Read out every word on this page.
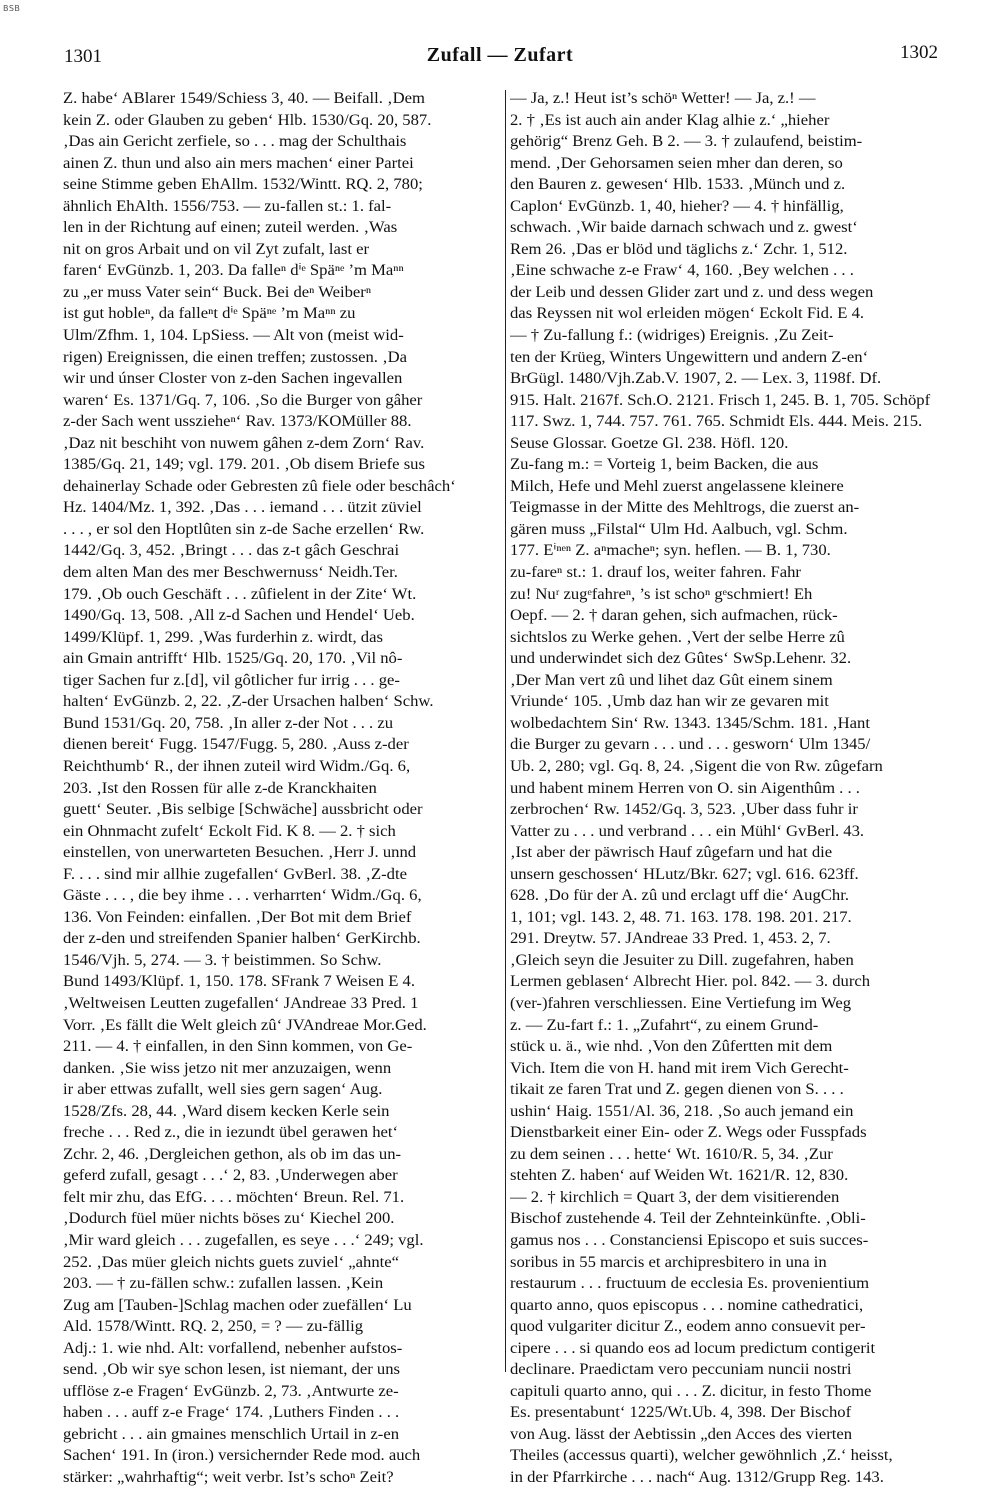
BSB
1301	Zufall — Zufart	1302
Z. habe‘ ABlarer 1549/Schiess 3, 40. — Beifall. ‚Dem
kein Z. oder Glauben zu geben‘ Hlb. 1530/Gq. 20, 587.
‚Das ain Gericht zerfiele, so . . . mag der Schulthais
ainen Z. thun und also ain mers machen‘ einer Partei
seine Stimme geben EhAllm. 1532/Wintt. RQ. 2, 780;
ähnlich EhAlth. 1556/753. — zu-fallen st.: 1. fal-
len in der Richtung auf einen; zuteil werden. ‚Was
nit on gros Arbait und on vil Zyt zufalt, last er
faren‘ EvGünzb. 1, 203. Da falleⁿ dⁱᵉ Späⁿᵉ ’m Maⁿⁿ
zu „er muss Vater sein“ Buck. Bei deⁿ Weiberⁿ
ist gut hobleⁿ, da falleⁿt dⁱᵉ Späⁿᵉ ’m Maⁿⁿ zu
Ulm/Zfhm. 1, 104. LpSiess. — Alt von (meist wid-
rigen) Ereignissen, die einen treffen; zustossen. ‚Da
wir und únser Closter von z-den Sachen ingevallen
waren‘ Es. 1371/Gq. 7, 106. ‚So die Burger von gâher
z-der Sach went usszieheⁿ‘ Rav. 1373/KOMüller 88.
‚Daz nit beschiht von nuwem gâhen z-dem Zorn‘ Rav.
1385/Gq. 21, 149; vgl. 179. 201. ‚Ob disem Briefe sus
dehainerlay Schade oder Gebresten zû fiele oder beschâch‘
Hz. 1404/Mz. 1, 392. ‚Das . . . iemand . . . ützit züviel
. . . , er sol den Hoptlûten sin z-de Sache erzellen‘ Rw.
1442/Gq. 3, 452. ‚Bringt . . . das z-t gâch Geschrai
dem alten Man des mer Beschwernuss‘ Neidh.Ter.
179. ‚Ob ouch Geschäft . . . zûfielent in der Zite‘ Wt.
1490/Gq. 13, 508. ‚All z-d Sachen und Hendel‘ Ueb.
1499/Klüpf. 1, 299. ‚Was furderhin z. wirdt, das
ain Gmain antrifft‘ Hlb. 1525/Gq. 20, 170. ‚Vil nô-
tiger Sachen fur z.[d], vil gôtlicher fur irrig . . . ge-
halten‘ EvGünzb. 2, 22. ‚Z-der Ursachen halben‘ Schw.
Bund 1531/Gq. 20, 758. ‚In aller z-der Not . . . zu
dienen bereit‘ Fugg. 1547/Fugg. 5, 280. ‚Auss z-der
Reichthumb‘ R., der ihnen zuteil wird Widm./Gq. 6,
203. ‚Ist den Rossen für alle z-de Kranckhaiten
guett‘ Seuter. ‚Bis selbige [Schwäche] aussbricht oder
ein Ohnmacht zufelt‘ Eckolt Fid. K 8. — 2. † sich
einstellen, von unerwarteten Besuchen. ‚Herr J. unnd
F. . . . sind mir allhie zugefallen‘ GvBerl. 38. ‚Z-dte
Gäste . . . , die bey ihme . . . verharrten‘ Widm./Gq. 6,
136. Von Feinden: einfallen. ‚Der Bot mit dem Brief
der z-den und streifenden Spanier halben‘ GerKirchb.
1546/Vjh. 5, 274. — 3. † beistimmen. So Schw.
Bund 1493/Klüpf. 1, 150. 178. SFrank 7 Weisen E 4.
‚Weltweisen Leutten zugefallen‘ JAndreae 33 Pred. 1
Vorr. ‚Es fällt die Welt gleich zû‘ JVAndreae Mor.Ged.
211. — 4. † einfallen, in den Sinn kommen, von Ge-
danken. ‚Sie wiss jetzo nit mer anzuzaigen, wenn
ir aber ettwas zufallt, well sies gern sagen‘ Aug.
1528/Zfs. 28, 44. ‚Ward disem kecken Kerle sein
freche . . . Red z., die in iezundt übel gerawen het‘
Zchr. 2, 46. ‚Dergleichen gethon, als ob im das un-
geferd zufall, gesagt . . .‘ 2, 83. ‚Underwegen aber
felt mir zhu, das EfG. . . . möchten‘ Breun. Rel. 71.
‚Dodurch füel müer nichts böses zu‘ Kiechel 200.
‚Mir ward gleich . . . zugefallen, es seye . . .‘ 249; vgl.
252. ‚Das müer gleich nichts guets zuviel‘ „ahnte“
203. — † zu-fällen schw.: zufallen lassen. ‚Kein
Zug am [Tauben-]Schlag machen oder zuefällen‘ Lu
Ald. 1578/Wintt. RQ. 2, 250, = ? — zu-fällig
Adj.: 1. wie nhd. Alt: vorfallend, nebenher aufstos-
send. ‚Ob wir sye schon lesen, ist niemant, der uns
ufflöse z-e Fragen‘ EvGünzb. 2, 73. ‚Antwurte ze-
haben . . . auff z-e Frage‘ 174. ‚Luthers Finden . . .
gebricht . . . ain gmaines menschlich Urtail in z-en
Sachen‘ 191. In (iron.) versichernder Rede mod. auch
stärker: „wahrhaftig“; weit verbr. Ist’s schoⁿ Zeit?
— Ja, z.! Heut ist’s schöⁿ Wetter! — Ja, z.! —
2. † ‚Es ist auch ain ander Klag alhie z.‘ „hieher
gehörig“ Brenz Geh. B 2. — 3. † zulaufend, beistim-
mend. ‚Der Gehorsamen seien mher dan deren, so
den Bauren z. gewesen‘ Hlb. 1533. ‚Münch und z.
Caplon‘ EvGünzb. 1, 40, hieher? — 4. † hinfällig,
schwach. ‚Wir baide darnach schwach und z. gwest‘
Rem 26. ‚Das er blöd und täglichs z.‘ Zchr. 1, 512.
‚Eine schwache z-e Fraw‘ 4, 160. ‚Bey welchen . . .
der Leib und dessen Glider zart und z. und dess wegen
das Reyssen nit wol erleiden mögen‘ Eckolt Fid. E 4.
— † Zu-fallung f.: (widriges) Ereignis. ‚Zu Zeit-
ten der Krüeg, Winters Ungewittern und andern Z-en‘
BrGügl. 1480/Vjh.Zab.V. 1907, 2. — Lex. 3, 1198f. Df.
915. Halt. 2167f. Sch.O. 2121. Frisch 1, 245. B. 1, 705. Schöpf
117. Swz. 1, 744. 757. 761. 765. Schmidt Els. 444. Meis. 215.
Seuse Glossar. Goetze Gl. 238. Höfl. 120.
Zu-fang m.: = Vorteig 1, beim Backen, die aus
Milch, Hefe und Mehl zuerst angelassene kleinere
Teigmasse in der Mitte des Mehltrogs, die zuerst an-
gären muss „Filstal“ Ulm Hd. Aalbuch, vgl. Schm.
177. Eⁱⁿᵉⁿ Z. aⁿmacheⁿ; syn. heflen. — B. 1, 730.
zu-fareⁿ st.: 1. drauf los, weiter fahren. Fahr
zu! Nuʳ zugᵉfahreⁿ, ’s ist schoⁿ gᵉschmiert! Eh
Oepf. — 2. † daran gehen, sich aufmachen, rück-
sichtslos zu Werke gehen. ‚Vert der selbe Herre zû
und underwindet sich dez Gûtes‘ SwSp.Lehenr. 32.
‚Der Man vert zû und lihet daz Gût einem sinem
Vriunde‘ 105. ‚Umb daz han wir ze gevaren mit
wolbedachtem Sin‘ Rw. 1343. 1345/Schm. 181. ‚Hant
die Burger zu gevarn . . . und . . . gesworn‘ Ulm 1345/
Ub. 2, 280; vgl. Gq. 8, 24. ‚Sigent die von Rw. zûgefarn
und habent minem Herren von O. sin Aigenthûm . . .
zerbrochen‘ Rw. 1452/Gq. 3, 523. ‚Uber dass fuhr ir
Vatter zu . . . und verbrand . . . ein Mühl‘ GvBerl. 43.
‚Ist aber der päwrisch Hauf zûgefarn und hat die
unsern geschossen‘ HLutz/Bkr. 627; vgl. 616. 623ff.
628. ‚Do für der A. zû und erclagt uff die‘ AugChr.
1, 101; vgl. 143. 2, 48. 71. 163. 178. 198. 201. 217.
291. Dreytw. 57. JAndreae 33 Pred. 1, 453. 2, 7.
‚Gleich seyn die Jesuiter zu Dill. zugefahren, haben
Lermen geblasen‘ Albrecht Hier. pol. 842. — 3. durch
(ver-)fahren verschliessen. Eine Vertiefung im Weg
z. — Zu-fart f.: 1. „Zufahrt“, zu einem Grund-
stück u. ä., wie nhd. ‚Von den Zûfertten mit dem
Vich. Item die von H. hand mit irem Vich Gerecht-
tikait ze faren Trat und Z. gegen dienen von S. . . .
ushin‘ Haig. 1551/Al. 36, 218. ‚So auch jemand ein
Dienstbarkeit einer Ein- oder Z. Wegs oder Fusspfads
zu dem seinen . . . hette‘ Wt. 1610/R. 5, 34. ‚Zur
stehten Z. haben‘ auf Weiden Wt. 1621/R. 12, 830.
— 2. † kirchlich = Quart 3, der dem visitierenden
Bischof zustehende 4. Teil der Zehnteinkünfte. ‚Obli-
gamus nos . . . Constanciensi Episcopo et suis succes-
soribus in 55 marcis et archipresbitero in una in
restaurum . . . fructuum de ecclesia Es. provenientium
quarto anno, quos episcopus . . . nomine cathedratici,
quod vulgariter dicitur Z., eodem anno consuevit per-
cipere . . . si quando eos ad locum predictum contigerit
declinare. Praedictam vero peccuniam nuncii nostri
capituli quarto anno, qui . . . Z. dicitur, in festo Thome
Es. presentabunt‘ 1225/Wt.Ub. 4, 398. Der Bischof
von Aug. lässt der Aebtissin „den Acces des vierten
Theiles (accessus quarti), welcher gewöhnlich ‚Z.‘ heisst,
in der Pfarrkirche . . . nach“ Aug. 1312/Grupp Reg. 143.
